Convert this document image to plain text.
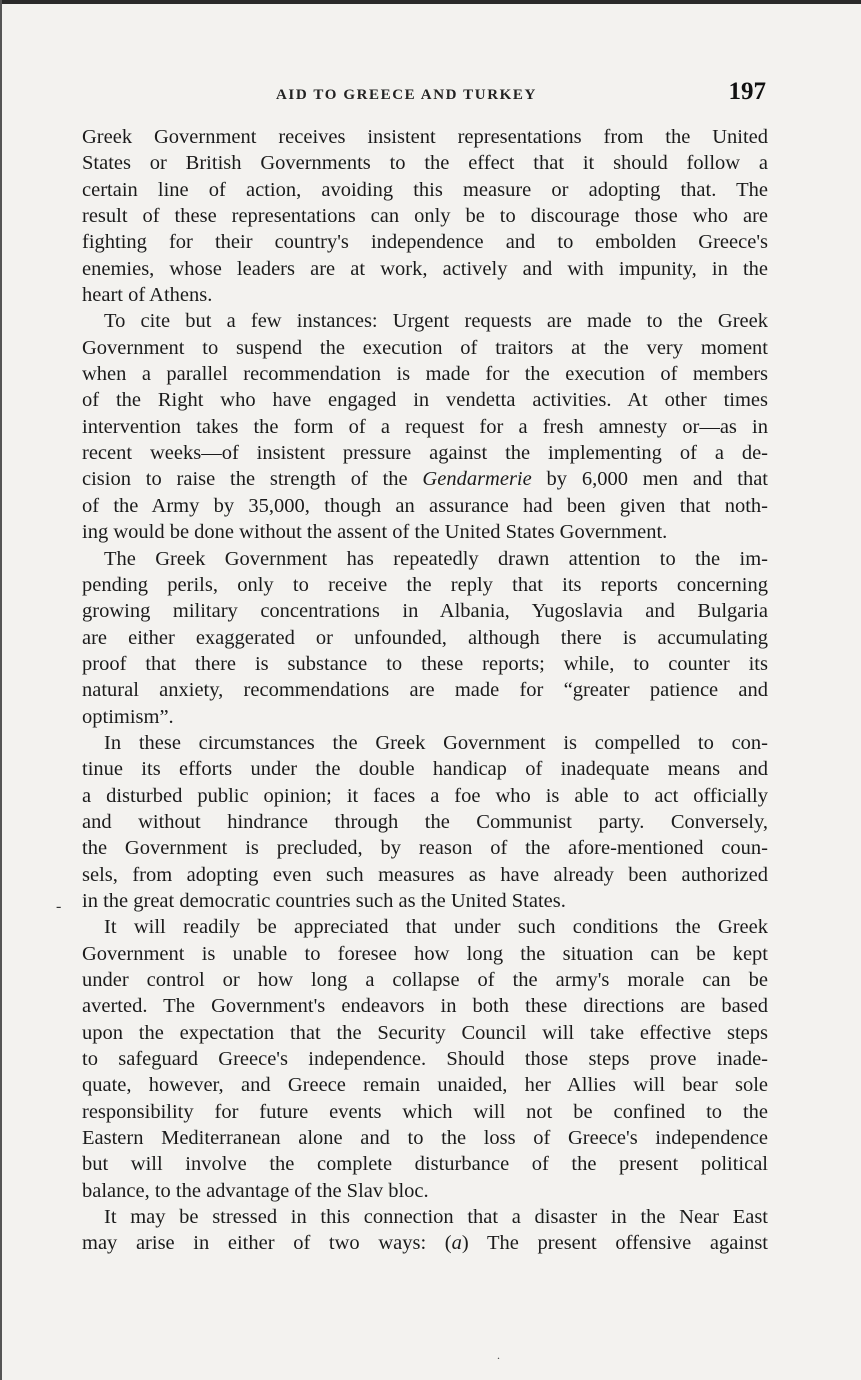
AID TO GREECE AND TURKEY	197
Greek Government receives insistent representations from the United
States or British Governments to the effect that it should follow a
certain line of action, avoiding this measure or adopting that. The
result of these representations can only be to discourage those who are
fighting for their country's independence and to embolden Greece's
enemies, whose leaders are at work, actively and with impunity, in the
heart of Athens.
To cite but a few instances: Urgent requests are made to the Greek
Government to suspend the execution of traitors at the very moment
when a parallel recommendation is made for the execution of members
of the Right who have engaged in vendetta activities. At other times
intervention takes the form of a request for a fresh amnesty or—as in
recent weeks—of insistent pressure against the implementing of a de-
cision to raise the strength of the Gendarmerie by 6,000 men and that
of the Army by 35,000, though an assurance had been given that noth-
ing would be done without the assent of the United States Government.
The Greek Government has repeatedly drawn attention to the im-
pending perils, only to receive the reply that its reports concerning
growing military concentrations in Albania, Yugoslavia and Bulgaria
are either exaggerated or unfounded, although there is accumulating
proof that there is substance to these reports; while, to counter its
natural anxiety, recommendations are made for “greater patience and
optimism”.
In these circumstances the Greek Government is compelled to con-
tinue its efforts under the double handicap of inadequate means and
a disturbed public opinion; it faces a foe who is able to act officially
and without hindrance through the Communist party. Conversely,
the Government is precluded, by reason of the afore-mentioned coun-
sels, from adopting even such measures as have already been authorized
in the great democratic countries such as the United States.
It will readily be appreciated that under such conditions the Greek
Government is unable to foresee how long the situation can be kept
under control or how long a collapse of the army's morale can be
averted. The Government's endeavors in both these directions are based
upon the expectation that the Security Council will take effective steps
to safeguard Greece's independence. Should those steps prove inade-
quate, however, and Greece remain unaided, her Allies will bear sole
responsibility for future events which will not be confined to the
Eastern Mediterranean alone and to the loss of Greece's independence
but will involve the complete disturbance of the present political
balance, to the advantage of the Slav bloc.
It may be stressed in this connection that a disaster in the Near East
may arise in either of two ways: (a) The present offensive against
-
.
